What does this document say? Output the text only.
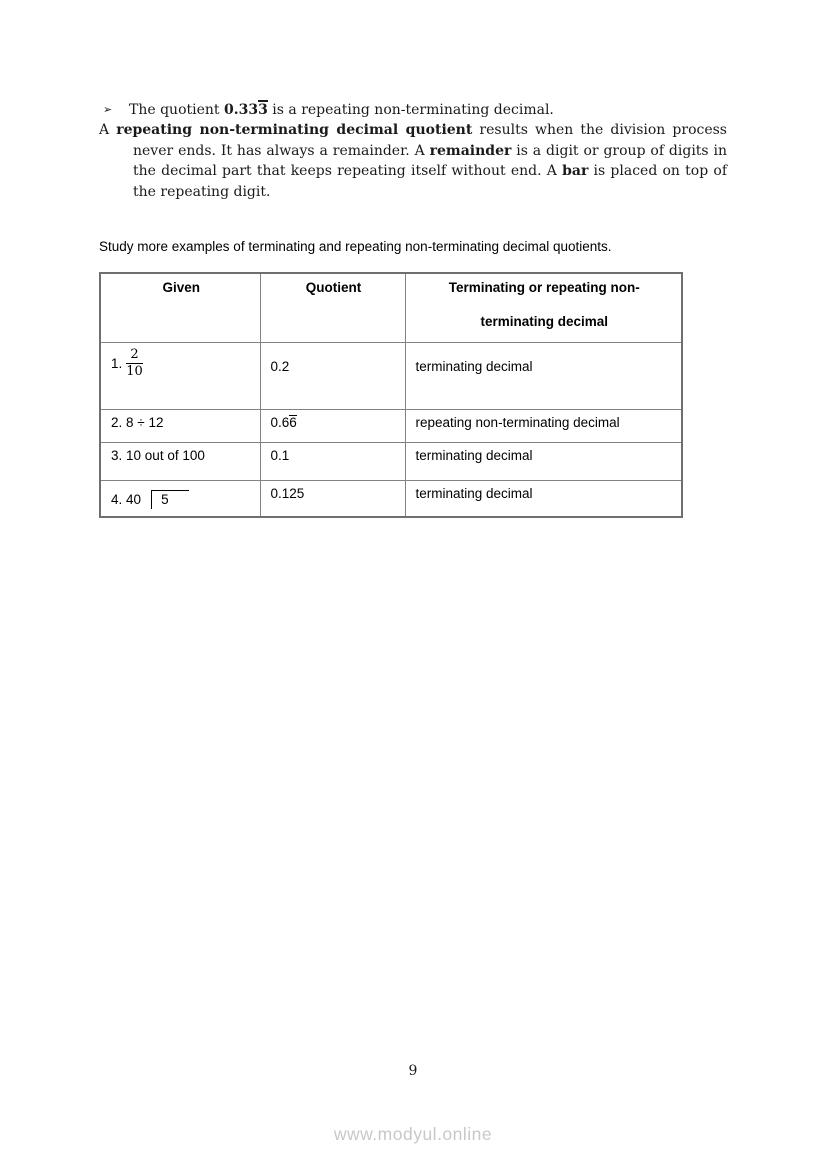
➢ The quotient 0.333 is a repeating non-terminating decimal.
A repeating non-terminating decimal quotient results when the division process never ends. It has always a remainder. A remainder is a digit or group of digits in the decimal part that keeps repeating itself without end. A bar is placed on top of the repeating digit.
Study more examples of terminating and repeating non-terminating decimal quotients.
Given	Quotient	Terminating or repeating non-
terminating decimal

1. $\frac{2}{10}$	0.2	terminating decimal
2. 8 ÷ 12	0.66	repeating non-terminating decimal
3. 10 out of 100	0.1	terminating decimal
4. 40 5	0.125	terminating decimal
9
www.modyul.online
